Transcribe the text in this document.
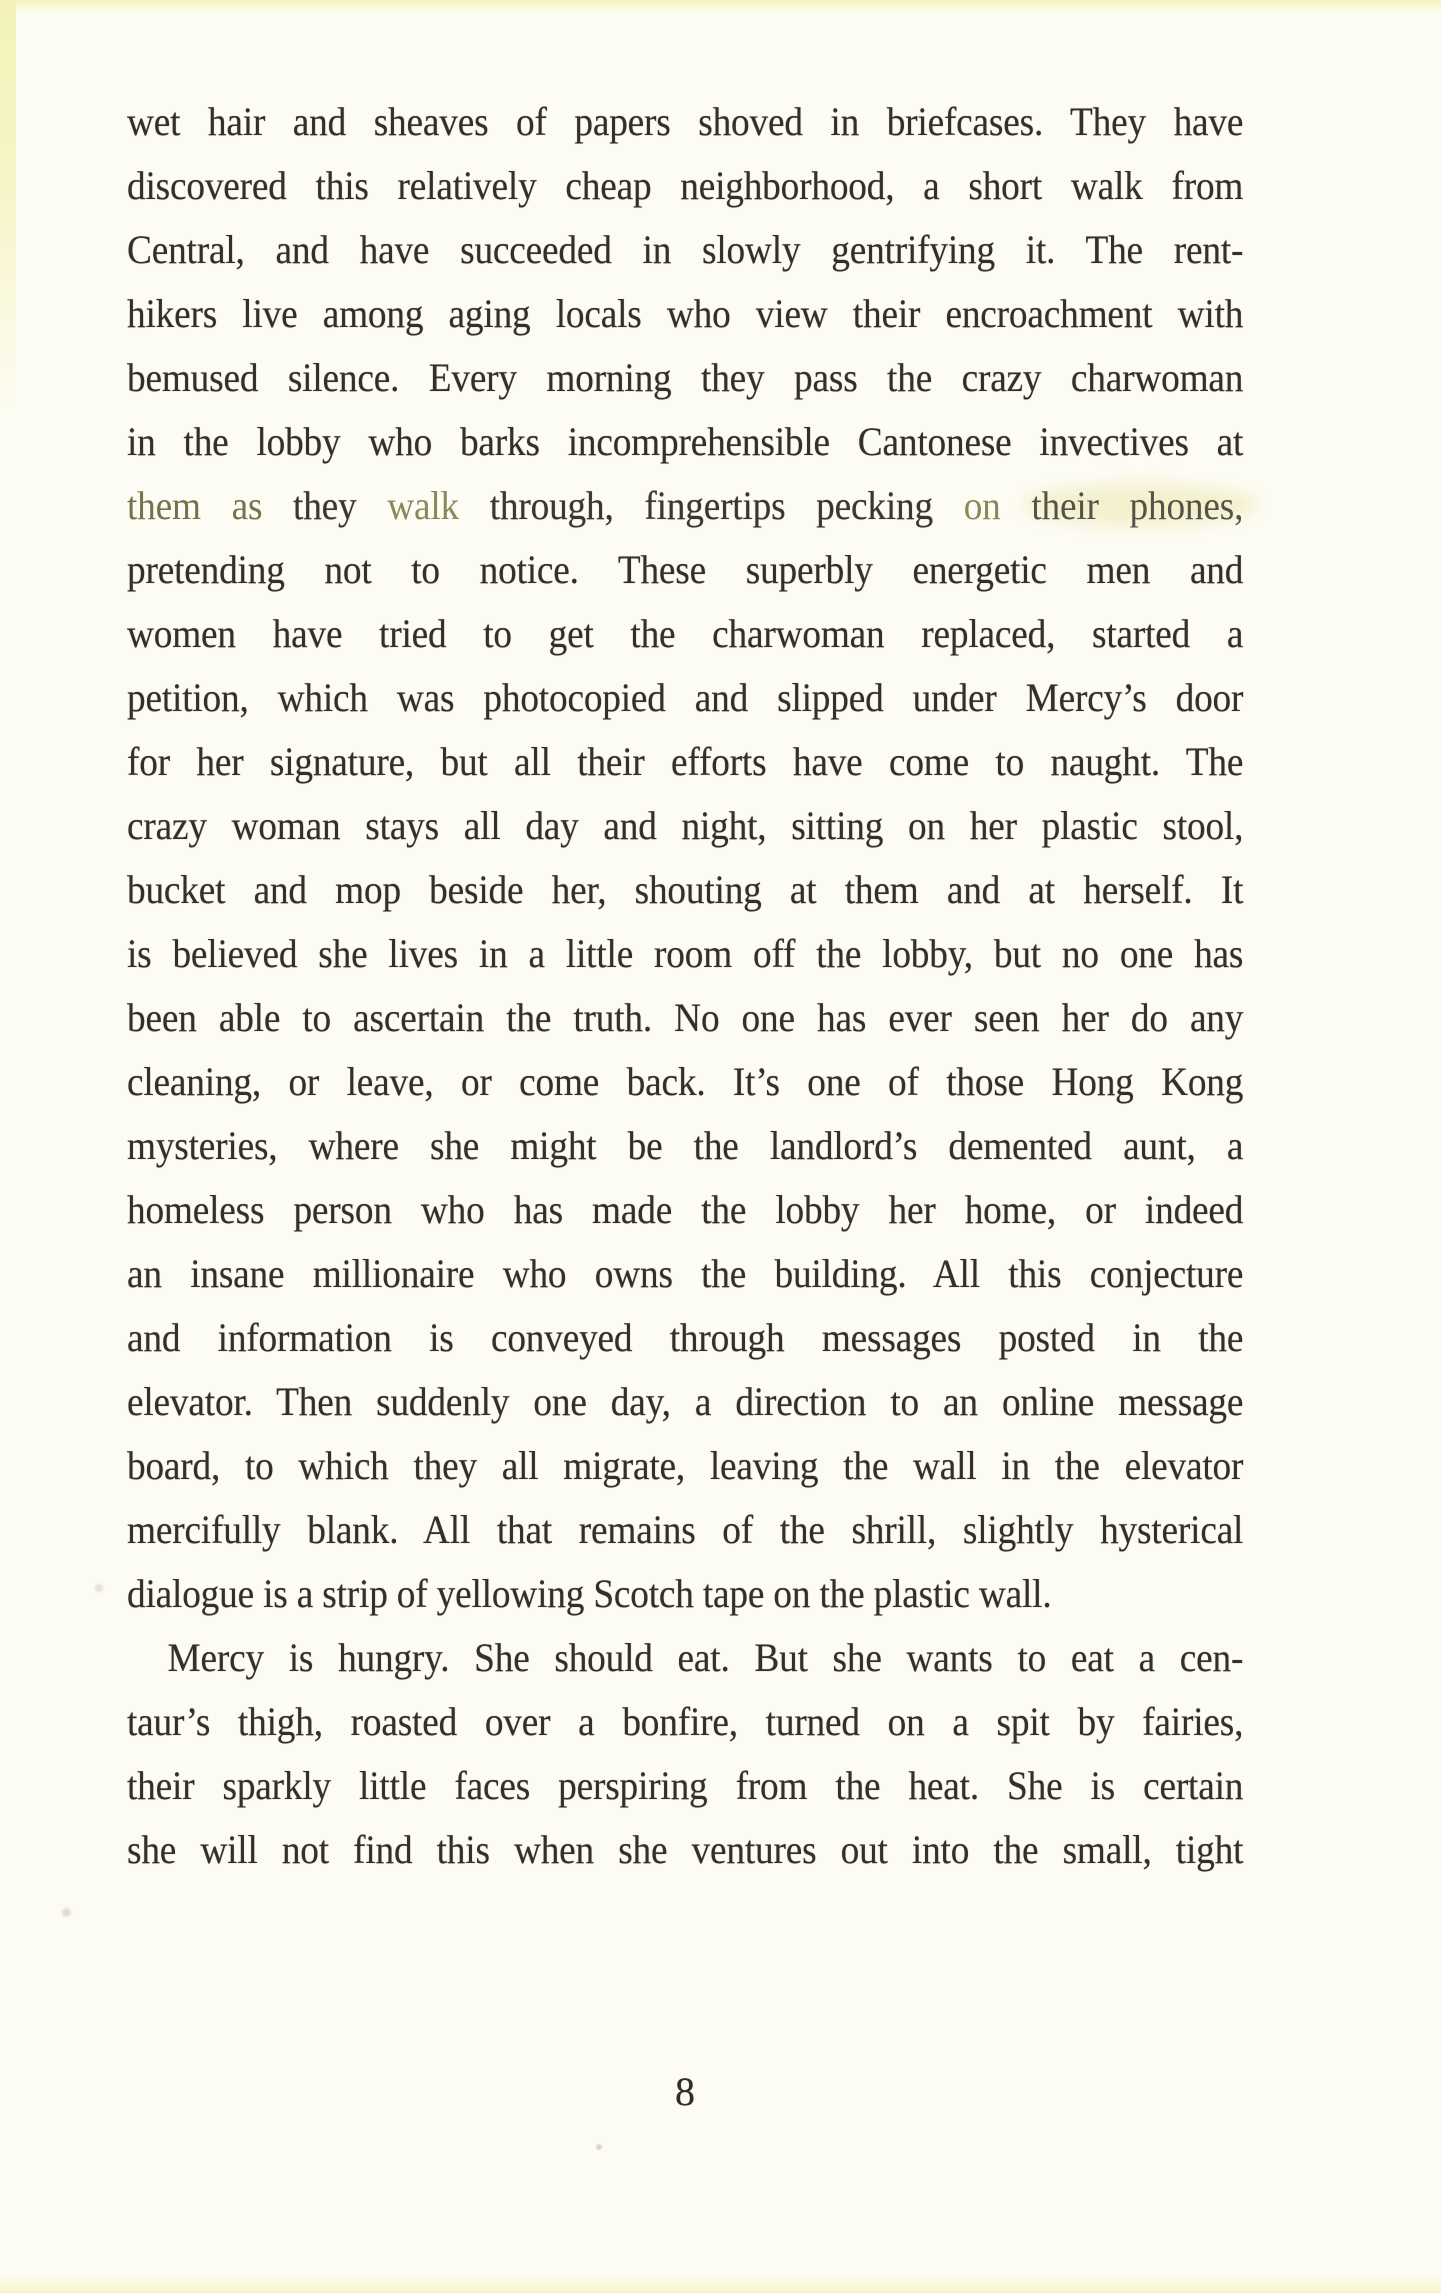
wet hair and sheaves of papers shoved in briefcases. They have
discovered this relatively cheap neighborhood, a short walk from
Central, and have succeeded in slowly gentrifying it. The rent-
hikers live among aging locals who view their encroachment with
bemused silence. Every morning they pass the crazy charwoman
in the lobby who barks incomprehensible Cantonese invectives at
them as they walk through, fingertips pecking on their phones,
pretending not to notice. These superbly energetic men and
women have tried to get the charwoman replaced, started a
petition, which was photocopied and slipped under Mercy’s door
for her signature, but all their efforts have come to naught. The
crazy woman stays all day and night, sitting on her plastic stool,
bucket and mop beside her, shouting at them and at herself. It
is believed she lives in a little room off the lobby, but no one has
been able to ascertain the truth. No one has ever seen her do any
cleaning, or leave, or come back. It’s one of those Hong Kong
mysteries, where she might be the landlord’s demented aunt, a
homeless person who has made the lobby her home, or indeed
an insane millionaire who owns the building. All this conjecture
and information is conveyed through messages posted in the
elevator. Then suddenly one day, a direction to an online message
board, to which they all migrate, leaving the wall in the elevator
mercifully blank. All that remains of the shrill, slightly hysterical
dialogue is a strip of yellowing Scotch tape on the plastic wall.
Mercy is hungry. She should eat. But she wants to eat a cen-
taur’s thigh, roasted over a bonfire, turned on a spit by fairies,
their sparkly little faces perspiring from the heat. She is certain
she will not find this when she ventures out into the small, tight
8
